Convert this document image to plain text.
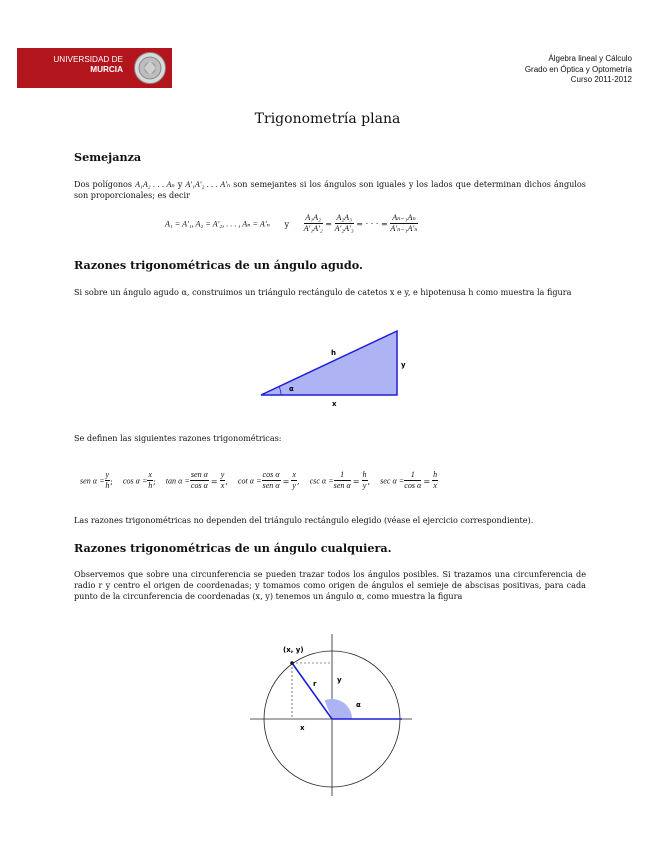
UNIVERSIDAD DE
MURCIA
Álgebra lineal y Cálculo
Grado en Óptica y Optometría
Curso 2011-2012
Trigonometría plana
Semejanza
Dos polígonos A₁A₂ . . . Aₙ y A′₁A′₂ . . . A′ₙ son semejantes si los ángulos son iguales y los lados que determinan dichos ángulos son proporcionales; es decir
A₁ = A′₁, A₂ = A′₂, . . . , Aₙ = A′ₙ y $\frac{\text{A₁A₂}}{\text{A′₁A′₂}} = \frac{\text{A₂A₃}}{\text{A′₂A′₃}}$ = · · · = $\frac{\text{Aₙ₋₁Aₙ}}{\text{A′ₙ₋₁A′ₙ}}$
Razones trigonométricas de un ángulo agudo.
Si sobre un ángulo agudo α, construimos un triángulo rectángulo de catetos x e y, e hipotenusa h como muestra la figura
h
y
x
α
Se definen las siguientes razones trigonométricas:
sen $\alpha = \frac{y}{h}$ ; $\cos \alpha = \frac{x}{h}$ ; $\tan \alpha = \frac{\text{sen α}}{\text{cos α}} = \frac{y}{x}$ , $\cot \alpha = \frac{\text{cos α}}{\text{sen α}} = \frac{x}{y}$ , $\csc \alpha = \frac{1}{\text{sen α}} = \frac{h}{y}$ , $\sec \alpha = \frac{1}{\text{cos α}} = \frac{h}{x}$
Las razones trigonométricas no dependen del triángulo rectángulo elegido (véase el ejercicio correspondiente).
Razones trigonométricas de un ángulo cualquiera.
Observemos que sobre una circunferencia se pueden trazar todos los ángulos posibles. Si trazamos una circunferencia de radio r y centro el origen de coordenadas; y tomamos como origen de ángulos el semieje de abscisas positivas, para cada punto de la circunferencia de coordenadas (x, y) tenemos un ángulo α, como muestra la figura
(x, y)
r	y
x
α
